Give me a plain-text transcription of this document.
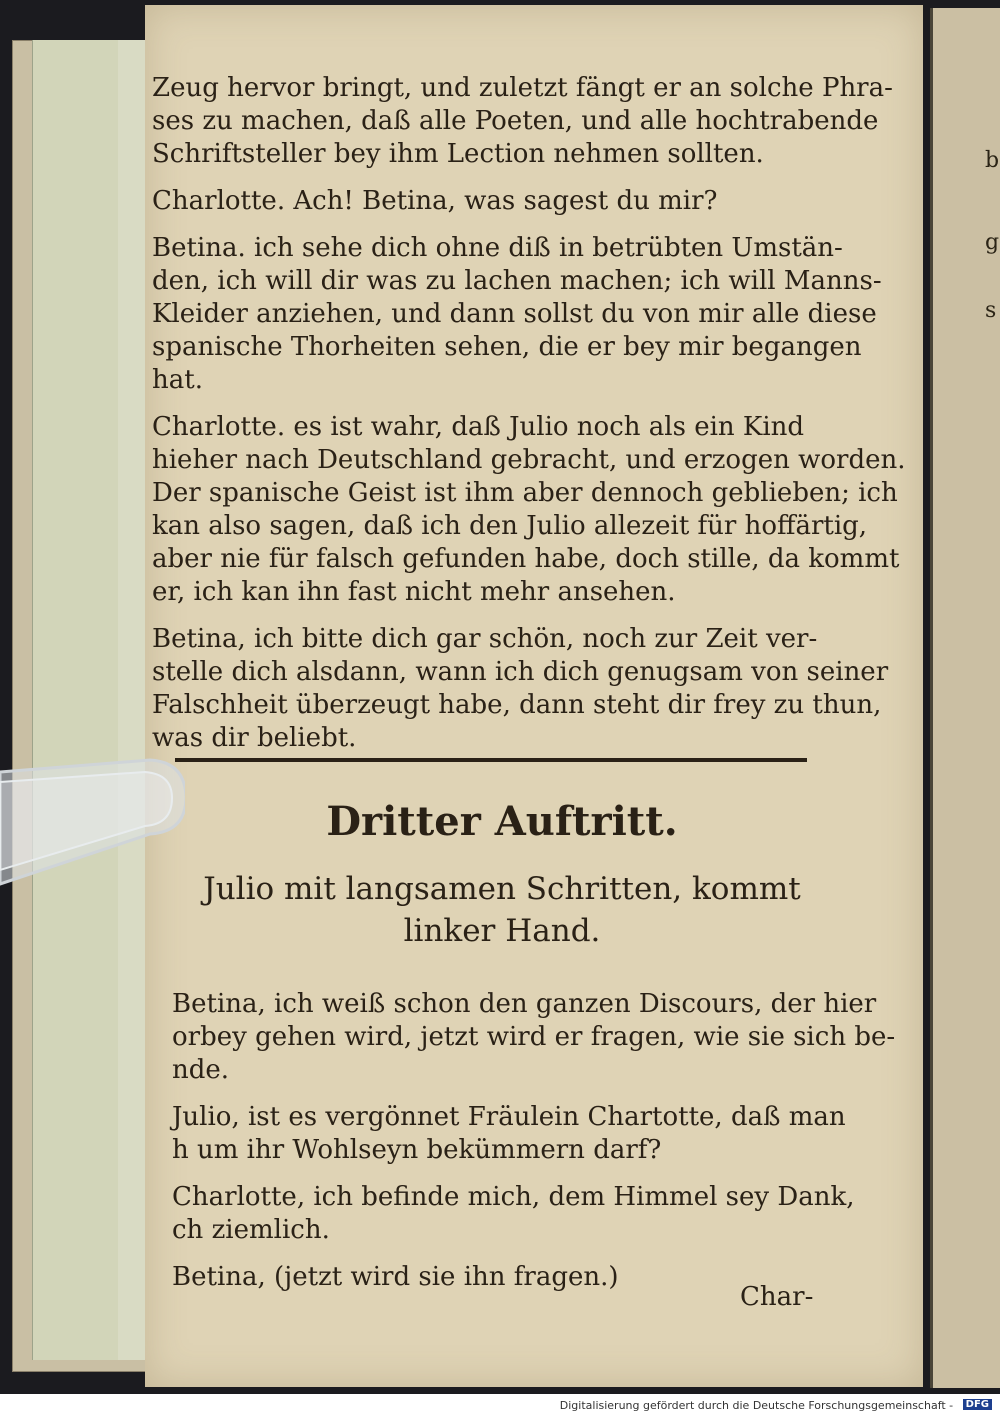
b
g
s

Zeug hervor bringt, und zuletzt fängt er an solche Phra-
ses zu machen, daß alle Poeten, und alle hochtrabende
Schriftsteller bey ihm Lection nehmen sollten.

Charlotte. Ach! Betina, was sagest du mir?

Betina. ich sehe dich ohne diß in betrübten Umstän-
den, ich will dir was zu lachen machen; ich will Manns-
Kleider anziehen, und dann sollst du von mir alle diese
spanische Thorheiten sehen, die er bey mir begangen
hat.

Charlotte. es ist wahr, daß Julio noch als ein Kind
hieher nach Deutschland gebracht, und erzogen worden.
Der spanische Geist ist ihm aber dennoch geblieben; ich
kan also sagen, daß ich den Julio allezeit für hoffärtig,
aber nie für falsch gefunden habe, doch stille, da kommt
er, ich kan ihn fast nicht mehr ansehen.

Betina, ich bitte dich gar schön, noch zur Zeit ver-
stelle dich alsdann, wann ich dich genugsam von seiner
Falschheit überzeugt habe, dann steht dir frey zu thun,
was dir beliebt.

Dritter Auftritt.
Julio mit langsamen Schritten, kommt
linker Hand.

Betina, ich weiß schon den ganzen Discours, der hier
orbey gehen wird, jetzt wird er fragen, wie sie sich be-
nde.

Julio, ist es vergönnet Fräulein Chartotte, daß man
h um ihr Wohlseyn bekümmern darf?

Charlotte, ich befinde mich, dem Himmel sey Dank,
ch ziemlich.

Betina, (jetzt wird sie ihn fragen.)

Char-
Digitalisierung gefördert durch die Deutsche Forschungsgemeinschaft - DFG
